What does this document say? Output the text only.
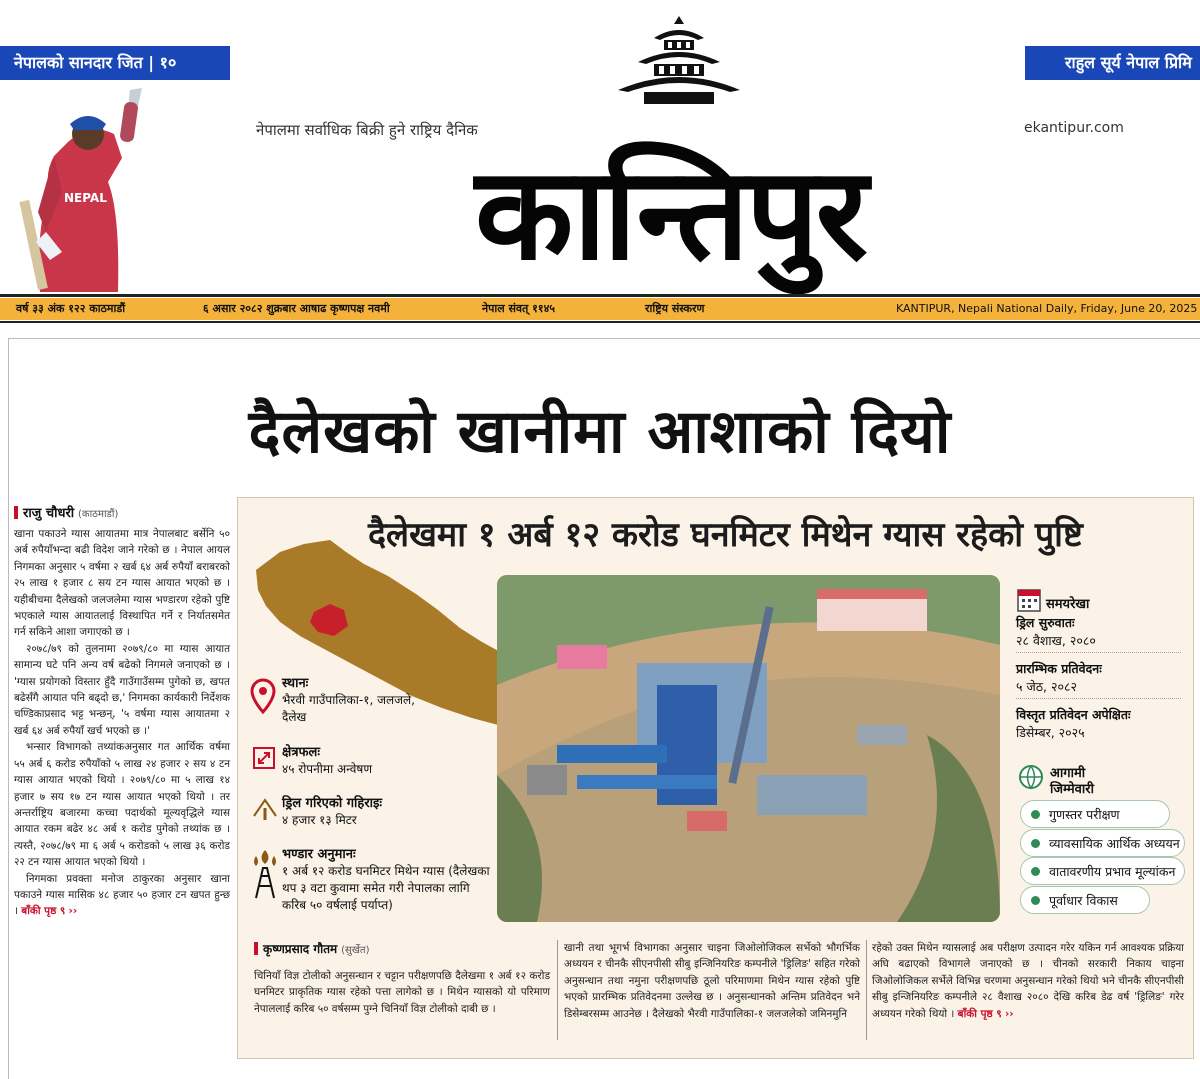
नेपालको सानदार जित | १०	राहुल सूर्य नेपाल प्रिमि
नेपालमा सर्वाधिक बिक्री हुने राष्ट्रिय दैनिक	ekantipur.com
कान्तिपुर
NEPAL
वर्ष ३३ अंक १२२ काठमाडौं	६ असार २०८२ शुक्रबार आषाढ कृष्णपक्ष नवमी	नेपाल संवत् ११४५	राष्ट्रिय संस्करण	KANTIPUR, Nepali National Daily, Friday, June 20, 2025
दैलेखको खानीमा आशाको दियो
राजु चौधरी (काठमाडौं)

खाना पकाउने ग्यास आयातमा मात्र नेपालबाट बर्सेनि ५० अर्ब रुपैयाँभन्दा बढी विदेश जाने गरेको छ । नेपाल आयल निगमका अनुसार ५ वर्षमा २ खर्ब ६४ अर्ब रुपैयाँ बराबरको २५ लाख १ हजार ८ सय टन ग्यास आयात भएको छ । यहीबीचमा दैलेखको जलजलेमा ग्यास भण्डारण रहेको पुष्टि भएकाले ग्यास आयातलाई विस्थापित गर्ने र निर्यातसमेत गर्न सकिने आशा जगाएको छ ।

२०७८/७९ को तुलनामा २०७९/८० मा ग्यास आयात सामान्य घटे पनि अन्य वर्ष बढेको निगमले जनाएको छ । 'ग्यास प्रयोगको विस्तार हुँदै गाउँगाउँसम्म पुगेको छ, खपत बढेसँगै आयात पनि बढ्दो छ,' निगमका कार्यकारी निर्देशक चण्डिकाप्रसाद भट्ट भन्छन्, '५ वर्षमा ग्यास आयातमा २ खर्ब ६४ अर्ब रुपैयाँ खर्च भएको छ ।'

भन्सार विभागको तथ्यांकअनुसार गत आर्थिक वर्षमा ५५ अर्ब ६ करोड रुपैयाँको ५ लाख २४ हजार २ सय ४ टन ग्यास आयात भएको थियो । २०७९/८० मा ५ लाख १४ हजार ७ सय १७ टन ग्यास आयात भएको थियो । तर अन्तर्राष्ट्रिय बजारमा कच्चा पदार्थको मूल्यवृद्धिले ग्यास आयात रकम बढेर ४८ अर्ब १ करोड पुगेको तथ्यांक छ । त्यस्तै, २०७८/७९ मा ६ अर्ब ५ करोडको ५ लाख ३६ करोड २२ टन ग्यास आयात भएको थियो ।

निगमका प्रवक्ता मनोज ठाकुरका अनुसार खाना पकाउने ग्यास मासिक ४८ हजार ५० हजार टन खपत हुन्छ । बाँकी पृष्ठ ९ ››

दैलेखमा १ अर्ब १२ करोड घनमिटर मिथेन ग्यास रहेको पुष्टि
स्थानः
भैरवी गाउँपालिका-१, जलजले, दैलेख
क्षेत्रफलः
४५ रोपनीमा अन्वेषण
ड्रिल गरिएको गहिराइः
४ हजार १३ मिटर
भण्डार अनुमानः
१ अर्ब १२ करोड घनमिटर मिथेन ग्यास (दैलेखका थप ३ वटा कुवामा समेत गरी नेपालका लागि करिब ५० वर्षलाई पर्याप्त)
समयरेखा
ड्रिल सुरुवातः
२८ वैशाख, २०८०
प्रारम्भिक प्रतिवेदनः
५ जेठ, २०८२
विस्तृत प्रतिवेदन अपेक्षितः
डिसेम्बर, २०२५
आगामी
जिम्मेवारी
गुणस्तर परीक्षण
व्यावसायिक आर्थिक अध्ययन
वातावरणीय प्रभाव मूल्यांकन
पूर्वाधार विकास
कृष्णप्रसाद गौतम (सुर्खेत)

चिनियाँ विज्ञ टोलीको अनुसन्धान र चट्टान परीक्षणपछि दैलेखमा १ अर्ब १२ करोड घनमिटर प्राकृतिक ग्यास रहेको पत्ता लागेको छ । मिथेन ग्यासको यो परिमाण नेपाललाई करिब ५० वर्षसम्म पुग्ने चिनियाँ विज्ञ टोलीको दाबी छ ।

खानी तथा भूगर्भ विभागका अनुसार चाइना जिओलोजिकल सर्भेको भौगर्भिक अध्ययन र चीनकै सीएनपीसी सीबु इन्जिनियरिङ कम्पनीले 'ड्रिलिङ' सहित गरेको अनुसन्धान तथा नमुना परीक्षणपछि ठूलो परिमाणमा मिथेन ग्यास रहेको पुष्टि भएको प्रारम्भिक प्रतिवेदनमा उल्लेख छ । अनुसन्धानको अन्तिम प्रतिवेदन भने डिसेम्बरसम्म आउनेछ । दैलेखको भैरवी गाउँपालिका-१ जलजलेको जमिनमुनि

रहेको उक्त मिथेन ग्यासलाई अब परीक्षण उत्पादन गरेर यकिन गर्न आवश्यक प्रक्रिया अघि बढाएको विभागले जनाएको छ । चीनको सरकारी निकाय चाइना जिओलोजिकल सर्भेले विभिन्न चरणमा अनुसन्धान गरेको थियो भने चीनकै सीएनपीसी सीबु इन्जिनियरिङ कम्पनीले २८ वैशाख २०८० देखि करिब डेढ वर्ष 'ड्रिलिङ' गरेर अध्ययन गरेको थियो । बाँकी पृष्ठ ९ ››
